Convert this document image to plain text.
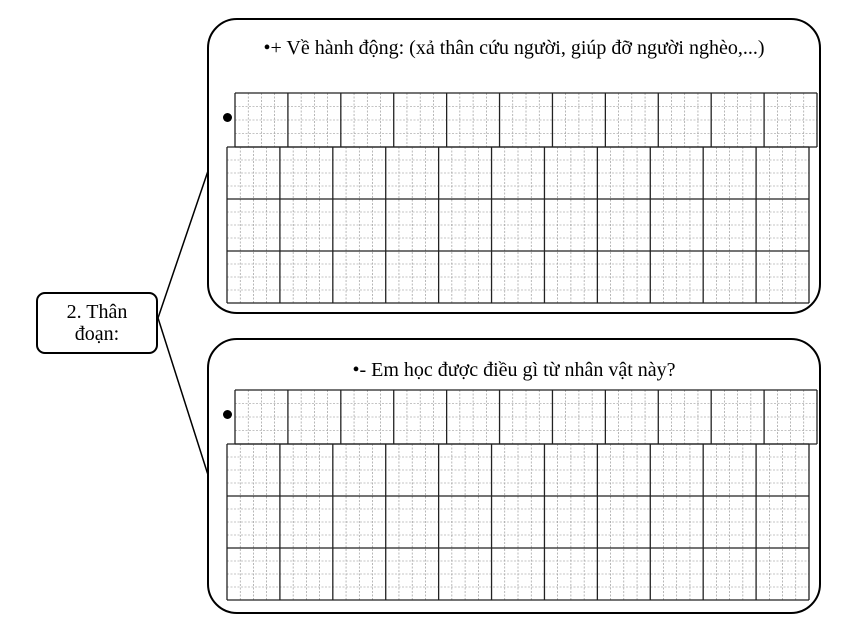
2. Thân đoạn:
•+ Về hành động: (xả thân cứu người, giúp đỡ người nghèo,...)
•- Em học được điều gì từ nhân vật này?
